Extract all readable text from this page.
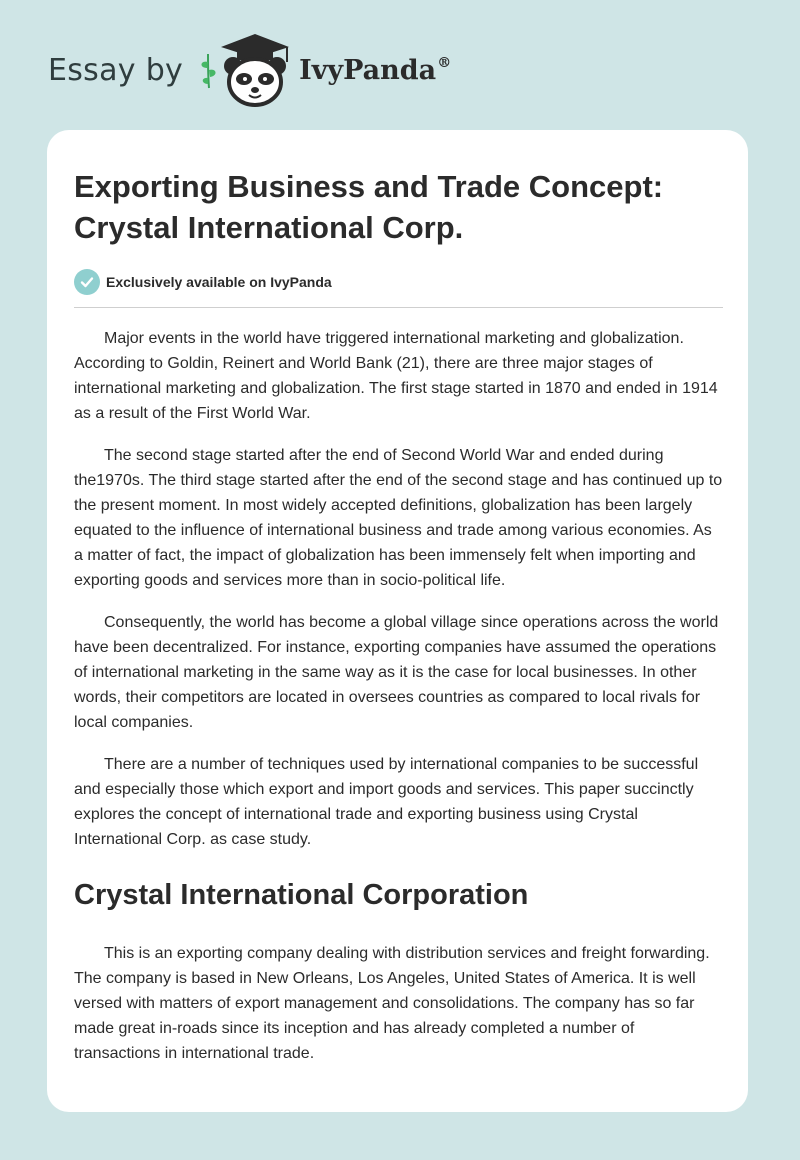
Essay by	IvyPanda®
Exporting Business and Trade Concept:
Crystal International Corp.
Exclusively available on IvyPanda

Major events in the world have triggered international marketing and globalization. According to Goldin, Reinert and World Bank (21), there are three major stages of international marketing and globalization. The first stage started in 1870 and ended in 1914 as a result of the First World War.

The second stage started after the end of Second World War and ended during the1970s. The third stage started after the end of the second stage and has continued up to the present moment. In most widely accepted definitions, globalization has been largely equated to the influence of international business and trade among various economies. As a matter of fact, the impact of globalization has been immensely felt when importing and exporting goods and services more than in socio-political life.

Consequently, the world has become a global village since operations across the world have been decentralized. For instance, exporting companies have assumed the operations of international marketing in the same way as it is the case for local businesses. In other words, their competitors are located in oversees countries as compared to local rivals for local companies.

There are a number of techniques used by international companies to be successful and especially those which export and import goods and services. This paper succinctly explores the concept of international trade and exporting business using Crystal International Corp. as case study.

Crystal International Corporation

This is an exporting company dealing with distribution services and freight forwarding. The company is based in New Orleans, Los Angeles, United States of America. It is well versed with matters of export management and consolidations. The company has so far made great in-roads since its inception and has already completed a number of transactions in international trade.
